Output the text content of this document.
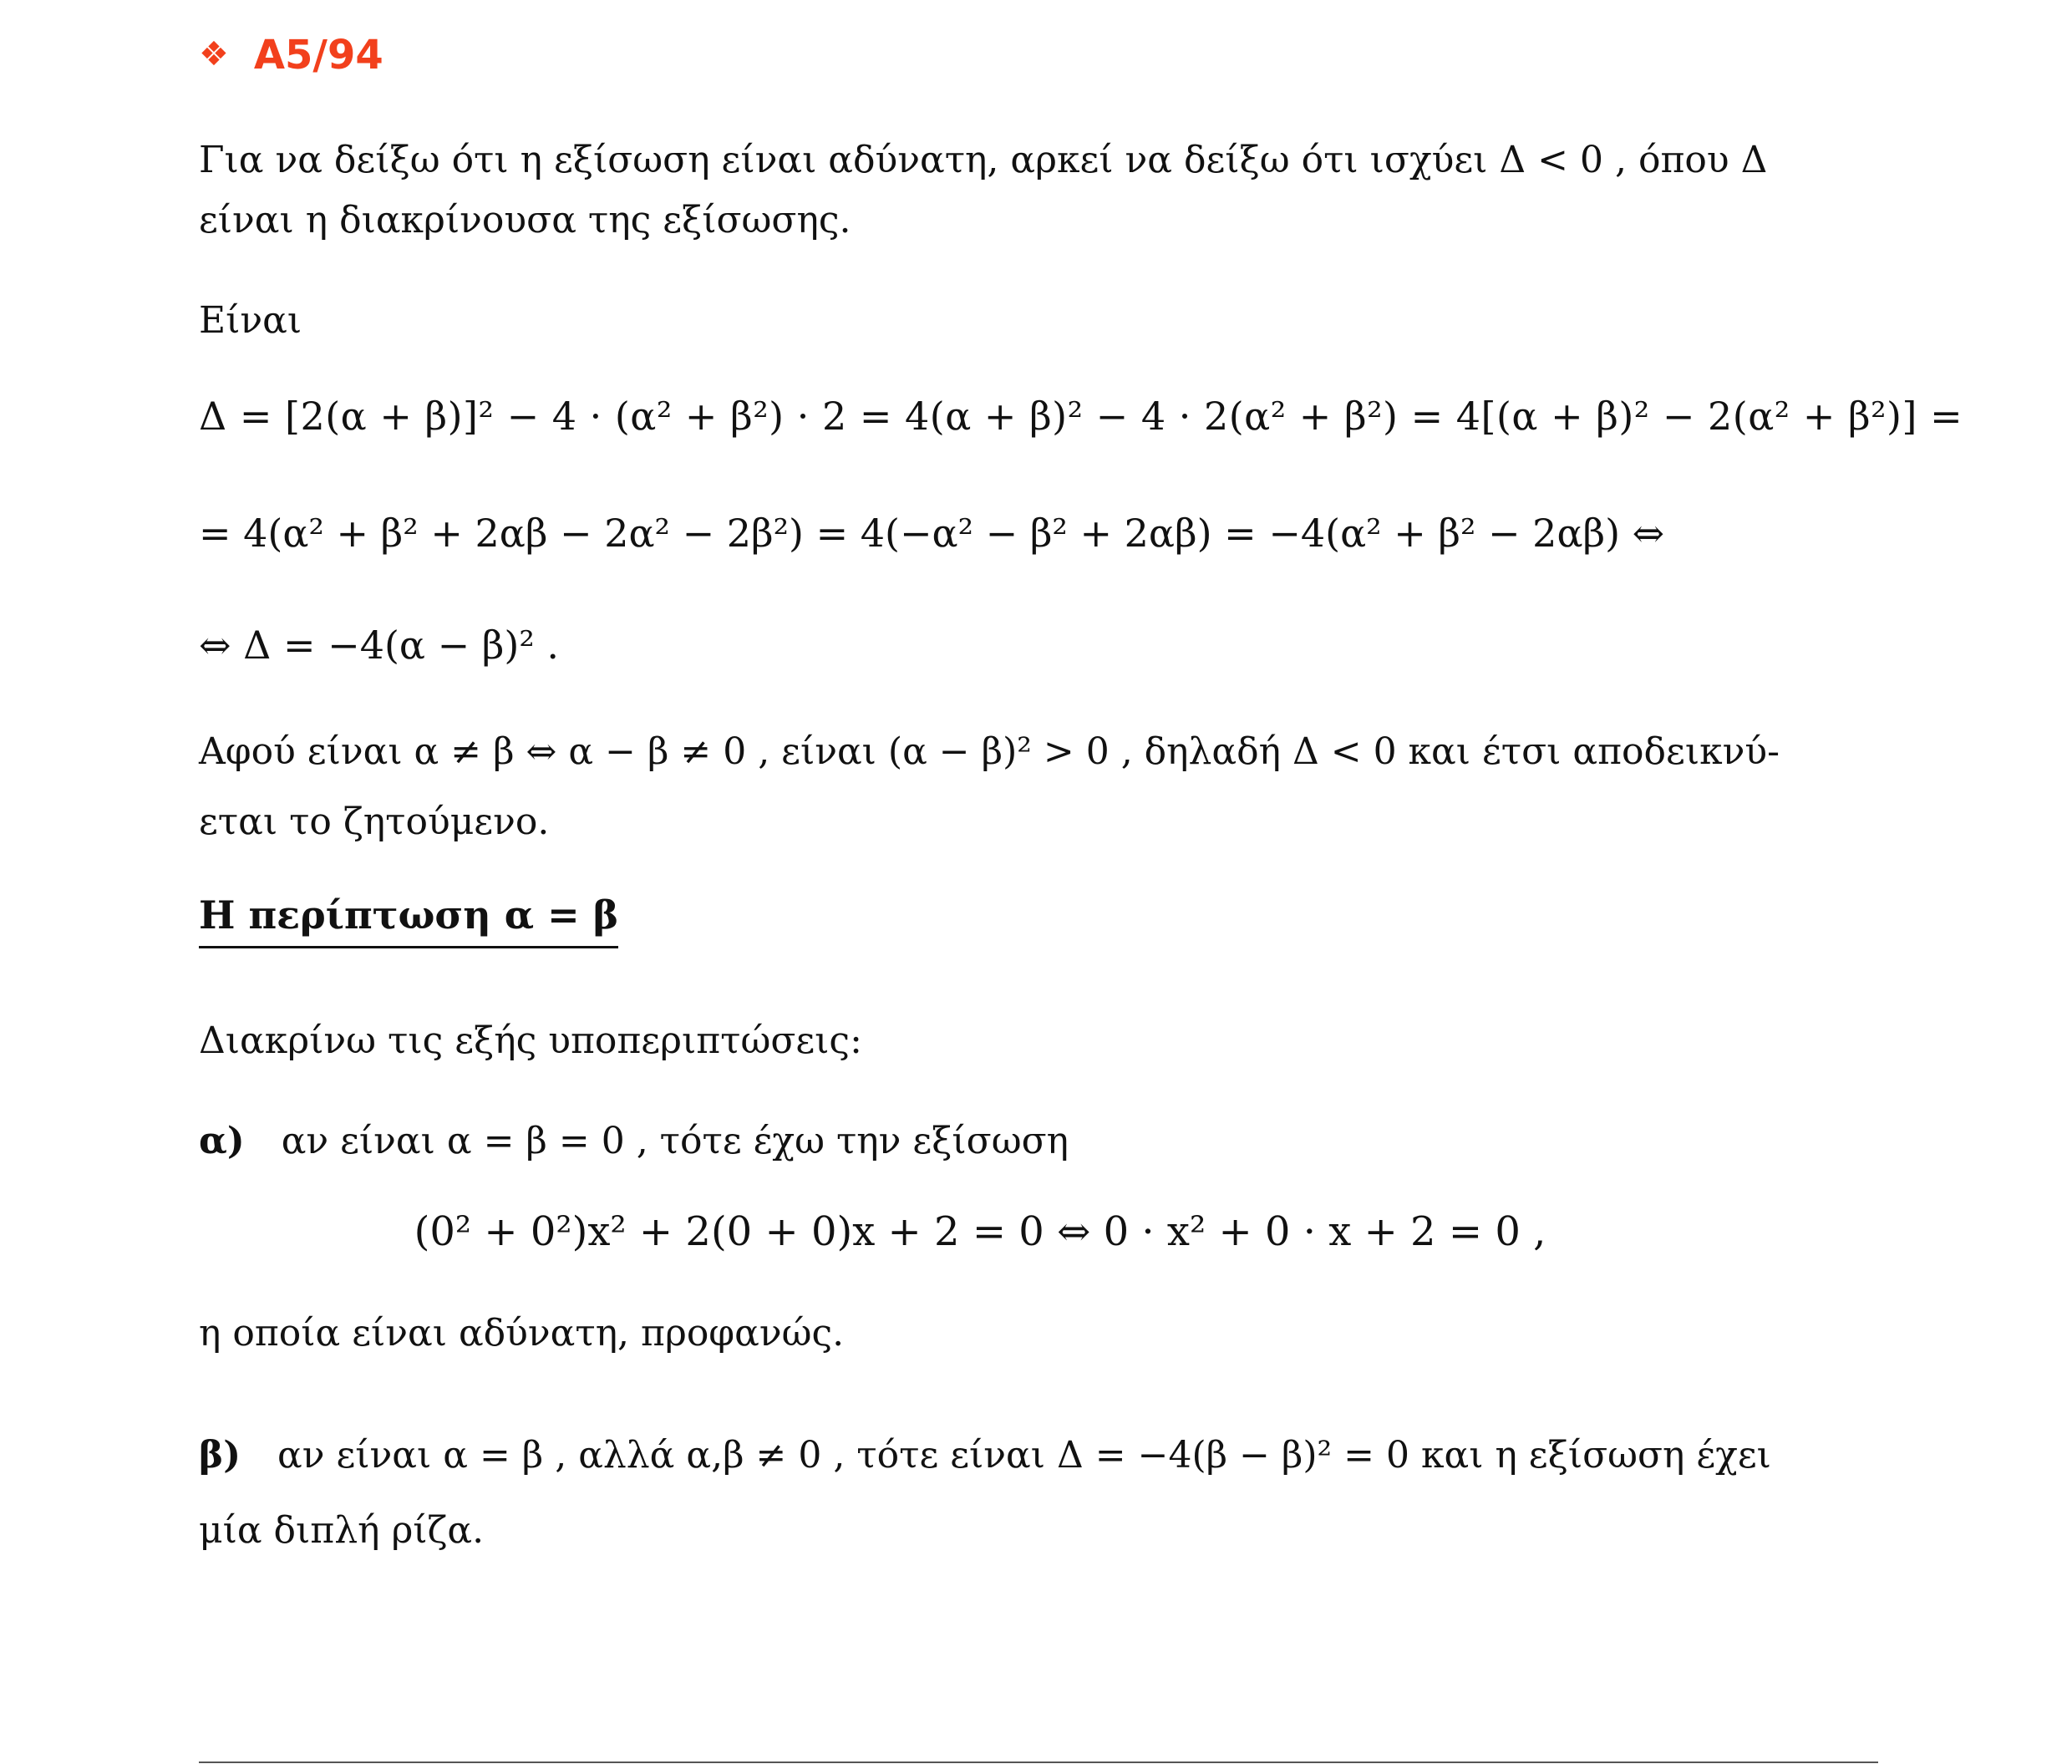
❖ A5/94
Για να δείξω ότι η εξίσωση είναι αδύνατη, αρκεί να δείξω ότι ισχύει Δ < 0 , όπου Δ
είναι η διακρίνουσα της εξίσωσης.
Είναι
Δ = [2(α + β)]² − 4 · (α² + β²) · 2 = 4(α + β)² − 4 · 2(α² + β²) = 4[(α + β)² − 2(α² + β²)] =
= 4(α² + β² + 2αβ − 2α² − 2β²) = 4(−α² − β² + 2αβ) = −4(α² + β² − 2αβ) ⇔
⇔ Δ = −4(α − β)² .
Αφού είναι α ≠ β ⇔ α − β ≠ 0 , είναι (α − β)² > 0 , δηλαδή Δ < 0 και έτσι αποδεικνύ-
εται το ζητούμενο.
Η περίπτωση α = β
Διακρίνω τις εξής υποπεριπτώσεις:
α) αν είναι α = β = 0 , τότε έχω την εξίσωση
(0² + 0²)x² + 2(0 + 0)x + 2 = 0 ⇔ 0 · x² + 0 · x + 2 = 0 ,
η οποία είναι αδύνατη, προφανώς.
β) αν είναι α = β , αλλά α,β ≠ 0 , τότε είναι Δ = −4(β − β)² = 0 και η εξίσωση έχει
μία διπλή ρίζα.
